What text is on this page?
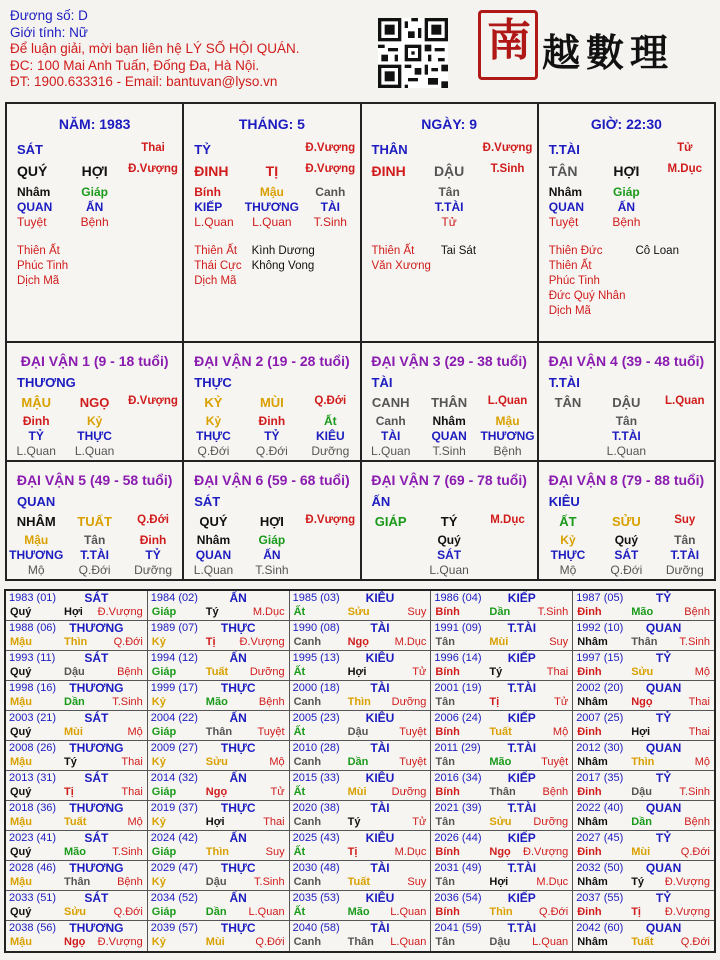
Đương số: D
Giới tính: Nữ
Để luận giải, mời bạn liên hệ LÝ SỐ HỘI QUÁN.
ĐC: 100 Mai Anh Tuấn, Đống Đa, Hà Nội.
ĐT: 1900.633316 - Email: bantuvan@lyso.vn
南 越數理
NĂM: 1983
SÁT	Thai
QUÝ	HỢI	Đ.Vượng
Nhâm	Giáp
QUAN	ẤN
Tuyệt	Bệnh
Thiên Ất
Phúc Tinh
Dịch Mã
THÁNG: 5
TỶ	Đ.Vượng
ĐINH	TỊ	Đ.Vượng
Bính	Mậu	Canh
KIẾP	THƯƠNG	TÀI
L.Quan	L.Quan	T.Sinh
Thiên Ất	Kình Dương
Thái Cực Không Vong
Dịch Mã
NGÀY: 9
THÂN	Đ.Vượng
ĐINH	DẬU	T.Sinh
Tân
T.TÀI
Tử
Thiên Ất	Tai Sát
Văn Xương
GIỜ: 22:30
T.TÀI	Tử
TÂN	HỢI	M.Dục
Nhâm	Giáp
QUAN	ẤN
Tuyệt	Bệnh
Thiên Đức	Cô Loan
Thiên Ất
Phúc Tinh
Đức Quý Nhân
Dịch Mã
ĐẠI VẬN 1 (9 - 18 tuổi)
THƯƠNG
MẬU	NGỌ	Đ.Vượng
Đinh	Kỷ
TỶ	THỰC
L.Quan	L.Quan
ĐẠI VẬN 2 (19 - 28 tuổi)
THỰC
KỶ	MÙI	Q.Đới
Kỷ	Đinh	Ất
THỰC	TỶ	KIÊU
Q.Đới	Q.Đới	Dưỡng
ĐẠI VẬN 3 (29 - 38 tuổi)
TÀI
CANH	THÂN	L.Quan
Canh	Nhâm	Mậu
TÀI	QUAN	THƯƠNG
L.Quan	T.Sinh	Bệnh
ĐẠI VẬN 4 (39 - 48 tuổi)
T.TÀI
TÂN	DẬU	L.Quan
Tân
T.TÀI
L.Quan
ĐẠI VẬN 5 (49 - 58 tuổi)
QUAN
NHÂM	TUẤT	Q.Đới
Mậu	Tân	Đinh
THƯƠNG	T.TÀI	TỶ
Mộ	Q.Đới	Dưỡng
ĐẠI VẬN 6 (59 - 68 tuổi)
SÁT
QUÝ	HỢI	Đ.Vượng
Nhâm	Giáp
QUAN	ẤN
L.Quan	T.Sinh
ĐẠI VẬN 7 (69 - 78 tuổi)
ẤN
GIÁP	TÝ	M.Dục
Quý
SÁT
L.Quan
ĐẠI VẬN 8 (79 - 88 tuổi)
KIÊU
ẤT	SỬU	Suy
Kỷ	Quý	Tân
THỰC	SÁT	T.TÀI
Mộ	Q.Đới	Dưỡng
1983 (01)	SÁT
Quý	Hợi Đ.Vượng
1984 (02)	ẤN
Giáp	Tý	M.Dục
1985 (03)	KIÊU
Ất	Sửu	Suy
1986 (04)	KIẾP
Bính	Dần T.Sinh
1987 (05)	TỶ
Đinh	Mão	Bệnh
1988 (06)	THƯƠNG
Mậu	Thìn Q.Đới
1989 (07)	THỰC
Kỷ	Tị Đ.Vượng
1990 (08)	TÀI
Canh Ngọ M.Dục
1991 (09)	T.TÀI
Tân	Mùi	Suy
1992 (10)	QUAN
Nhâm Thân T.Sinh
1993 (11)	SÁT
Quý	Dậu	Bệnh
1994 (12)	ẤN
Giáp	Tuất Dưỡng
1995 (13)	KIÊU
Ất	Hợi	Tử
1996 (14)	KIẾP
Bính	Tý	Thai
1997 (15)	TỶ
Đinh	Sửu	Mộ
1998 (16)	THƯƠNG
Mậu	Dần T.Sinh
1999 (17)	THỰC
Kỷ	Mão	Bệnh
2000 (18)	TÀI
Canh Thìn Dưỡng
2001 (19)	T.TÀI
Tân	Tị	Tử
2002 (20)	QUAN
Nhâm Ngọ	Thai
2003 (21)	SÁT
Quý	Mùi	Mộ
2004 (22)	ẤN
Giáp	Thân Tuyệt
2005 (23)	KIÊU
Ất	Dậu	Tuyệt
2006 (24)	KIẾP
Bính	Tuất	Mộ
2007 (25)	TỶ
Đinh	Hợi	Thai
2008 (26)	THƯƠNG
Mậu	Tý	Thai
2009 (27)	THỰC
Kỷ	Sửu	Mộ
2010 (28)	TÀI
Canh Dần	Tuyệt
2011 (29)	T.TÀI
Tân	Mão	Tuyệt
2012 (30)	QUAN
Nhâm Thìn	Mộ
2013 (31)	SÁT
Quý	Tị	Thai
2014 (32)	ẤN
Giáp	Ngọ	Tử
2015 (33)	KIÊU
Ất	Mùi Dưỡng
2016 (34)	KIẾP
Bính	Thân Bệnh
2017 (35)	TỶ
Đinh	Dậu T.Sinh
2018 (36)	THƯƠNG
Mậu	Tuất	Mộ
2019 (37)	THỰC
Kỷ	Hợi	Thai
2020 (38)	TÀI
Canh Tý	Tử
2021 (39)	T.TÀI
Tân	Sửu Dưỡng
2022 (40)	QUAN
Nhâm Dần	Bệnh
2023 (41)	SÁT
Quý	Mão T.Sinh
2024 (42)	ẤN
Giáp	Thìn	Suy
2025 (43)	KIÊU
Ất	Tị	M.Dục
2026 (44)	KIẾP
Bính	Ngọ Đ.Vượng
2027 (45)	TỶ
Đinh	Mùi	Q.Đới
2028 (46)	THƯƠNG
Mậu	Thân Bệnh
2029 (47)	THỰC
Kỷ	Dậu T.Sinh
2030 (48)	TÀI
Canh Tuất	Suy
2031 (49)	T.TÀI
Tân	Hợi	M.Dục
2032 (50)	QUAN
Nhâm Tý Đ.Vượng
2033 (51)	SÁT
Quý	Sửu	Q.Đới
2034 (52)	ẤN
Giáp	Dần L.Quan
2035 (53)	KIÊU
Ất	Mão L.Quan
2036 (54)	KIẾP
Bính	Thìn Q.Đới
2037 (55)	TỶ
Đinh	Tị Đ.Vượng
2038 (56)	THƯƠNG
Mậu	Ngọ Đ.Vượng
2039 (57)	THỰC
Kỷ	Mùi	Q.Đới
2040 (58)	TÀI
Canh Thân L.Quan
2041 (59)	T.TÀI
Tân	Dậu L.Quan
2042 (60)	QUAN
Nhâm Tuất Q.Đới
